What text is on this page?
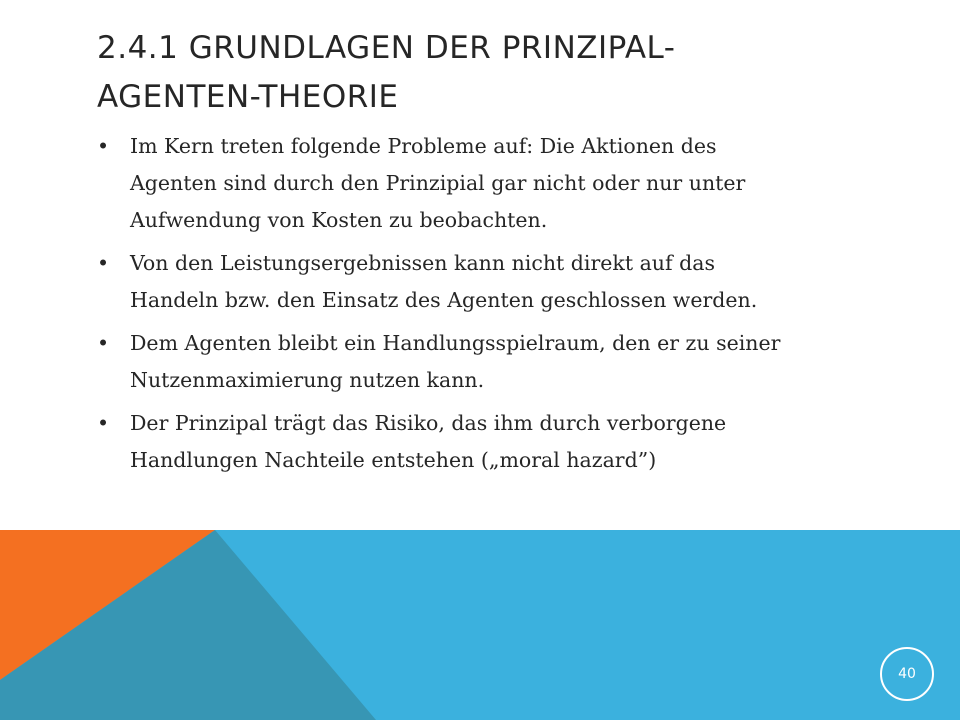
2.4.1 GRUNDLAGEN DER PRINZIPAL-
AGENTEN-THEORIE
• Im Kern treten folgende Probleme auf: Die Aktionen des
Agenten sind durch den Prinzipial gar nicht oder nur unter
Aufwendung von Kosten zu beobachten.
• Von den Leistungsergebnissen kann nicht direkt auf das
Handeln bzw. den Einsatz des Agenten geschlossen werden.
• Dem Agenten bleibt ein Handlungsspielraum, den er zu seiner
Nutzenmaximierung nutzen kann.
• Der Prinzipal trägt das Risiko, das ihm durch verborgene
Handlungen Nachteile entstehen („moral hazard”)
40
